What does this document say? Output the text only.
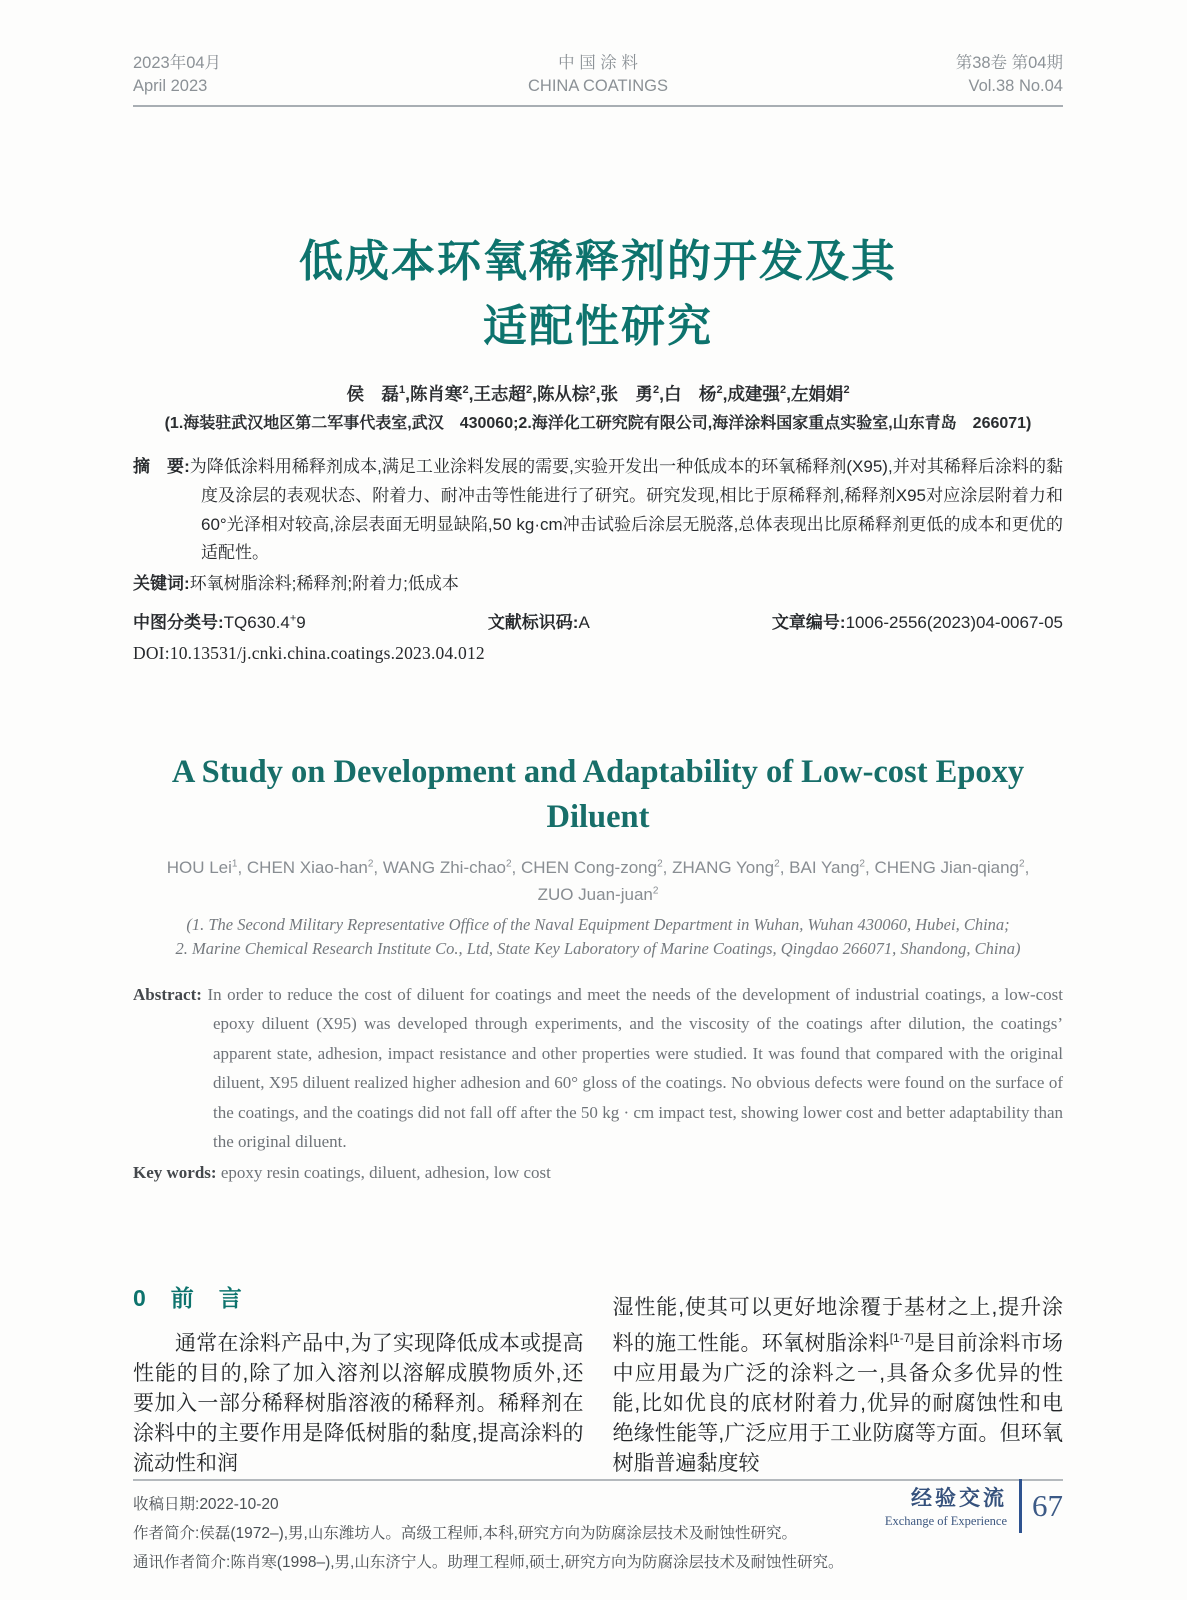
2023年04月
April 2023
中 国 涂 料
CHINA COATINGS
第38卷 第04期
Vol.38 No.04
低成本环氧稀释剂的开发及其
适配性研究
侯　磊$^1$ , 陈肖寒$^2$ , 王志超$^2$ , 陈从棕$^2$ , 张　勇$^2$ , 白　杨$^2$ , 成建强$^2$ , 左娟娟$^2$
(1.海装驻武汉地区第二军事代表室,武汉　430060;2.海洋化工研究院有限公司,海洋涂料国家重点实验室,山东青岛　266071)

摘　要:为降低涂料用稀释剂成本,满足工业涂料发展的需要,实验开发出一种低成本的环氧稀释剂(X95),并对其稀释后涂料的黏度及涂层的表观状态、附着力、耐冲击等性能进行了研究。研究发现,相比于原稀释剂,稀释剂X95对应涂层附着力和60°光泽相对较高,涂层表面无明显缺陷,50 kg·cm冲击试验后涂层无脱落,总体表现出比原稀释剂更低的成本和更优的适配性。

关键词:环氧树脂涂料;稀释剂;附着力;低成本

中图分类号:TQ630.4+9	文献标识码:A	文章编号:1006-2556(2023)04-0067-05
DOI:10.13531/j.cnki.china.coatings.2023.04.012
A Study on Development and Adaptability of Low-cost Epoxy
Diluent
HOU Lei$^1$ , CHEN Xiao-han$^2$ , WANG Zhi-chao$^2$ , CHEN Cong-zong$^2$ , ZHANG Yong$^2$ , BAI Yang$^2$ , CHENG Jian-qiang$^2$ ,
ZUO Juan-juan$^2$
(1. The Second Military Representative Office of the Naval Equipment Department in Wuhan, Wuhan 430060, Hubei, China;
2. Marine Chemical Research Institute Co., Ltd, State Key Laboratory of Marine Coatings, Qingdao 266071, Shandong, China)

Abstract: In order to reduce the cost of diluent for coatings and meet the needs of the development of industrial coatings, a low-cost epoxy diluent (X95) was developed through experiments, and the viscosity of the coatings after dilution, the coatings’ apparent state, adhesion, impact resistance and other properties were studied. It was found that compared with the original diluent, X95 diluent realized higher adhesion and 60° gloss of the coatings. No obvious defects were found on the surface of the coatings, and the coatings did not fall off after the 50 kg · cm impact test, showing lower cost and better adaptability than the original diluent.

Key words: epoxy resin coatings, diluent, adhesion, low cost

0　前　言

通常在涂料产品中,为了实现降低成本或提高性能的目的,除了加入溶剂以溶解成膜物质外,还要加入一部分稀释树脂溶液的稀释剂。稀释剂在涂料中的主要作用是降低树脂的黏度,提高涂料的流动性和润

湿性能,使其可以更好地涂覆于基材之上,提升涂料的施工性能。环氧树脂涂料[1-7]是目前涂料市场中应用最为广泛的涂料之一,具备众多优异的性能,比如优良的底材附着力,优异的耐腐蚀性和电绝缘性能等,广泛应用于工业防腐等方面。但环氧树脂普遍黏度较

收稿日期:2022-10-20

作者简介:侯磊(1972–),男,山东潍坊人。高级工程师,本科,研究方向为防腐涂层技术及耐蚀性研究。

通讯作者简介:陈肖寒(1998–),男,山东济宁人。助理工程师,硕士,研究方向为防腐涂层技术及耐蚀性研究。

经验交流
Exchange of Experience 67
